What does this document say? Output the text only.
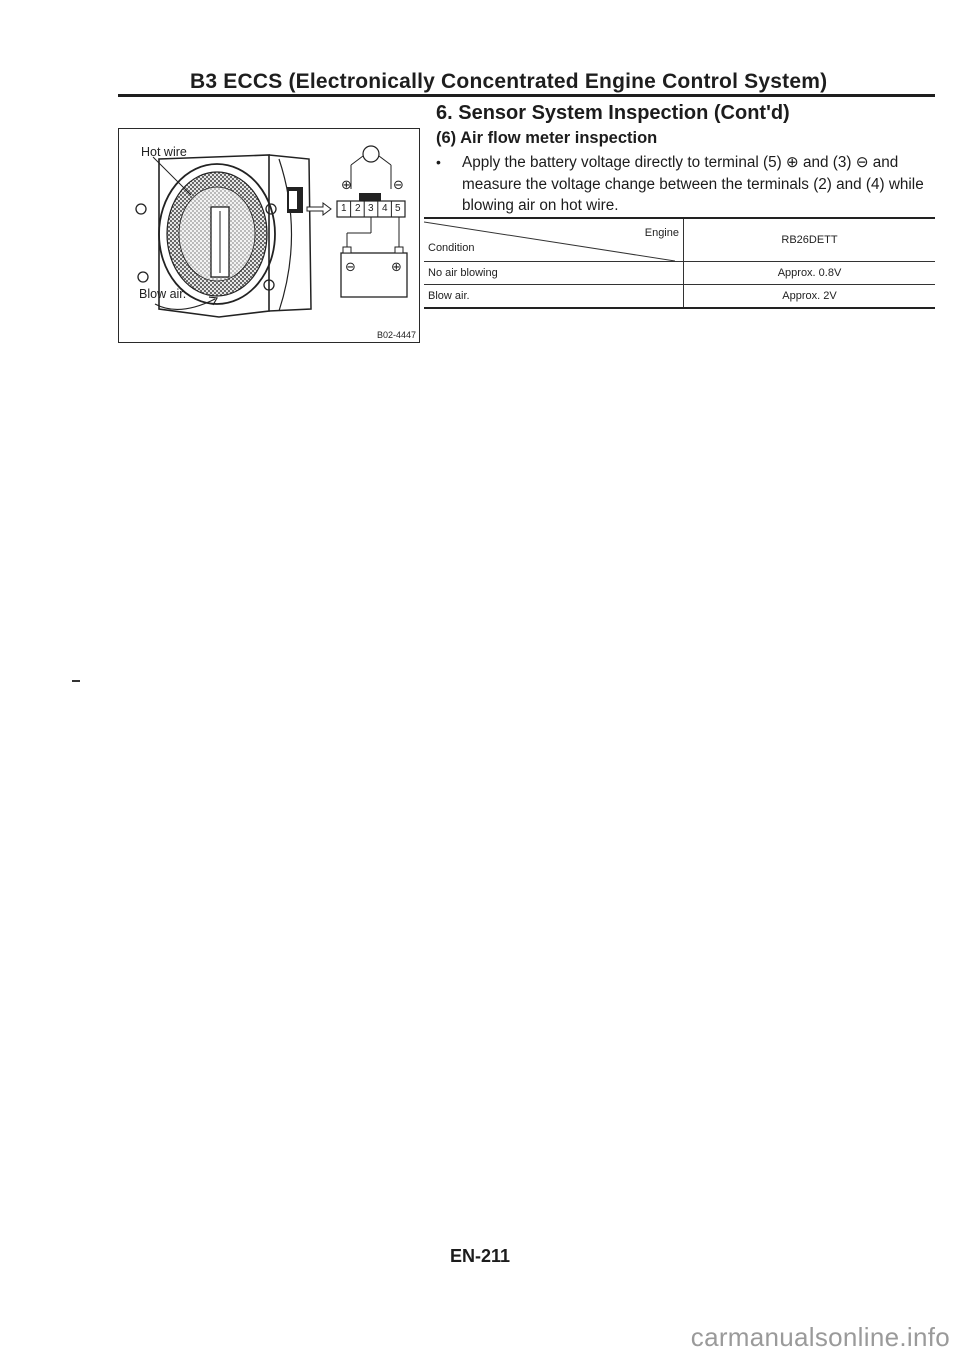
B3 ECCS (Electronically Concentrated Engine Control System)
6. Sensor System Inspection (Cont'd)
(6) Air flow meter inspection
• Apply the battery voltage directly to terminal (5) ⊕ and (3) ⊖ and measure the voltage change between the terminals (2) and (4) while blowing air on hot wire.
Hot wire
Blow air.
1 2 3 4 5
⊕	⊖
⊖	⊕
B02-4447
Engine
Condition	RB26DETT
No air blowing	Approx. 0.8V
Blow air.	Approx. 2V
EN-211
carmanualsonline.info
